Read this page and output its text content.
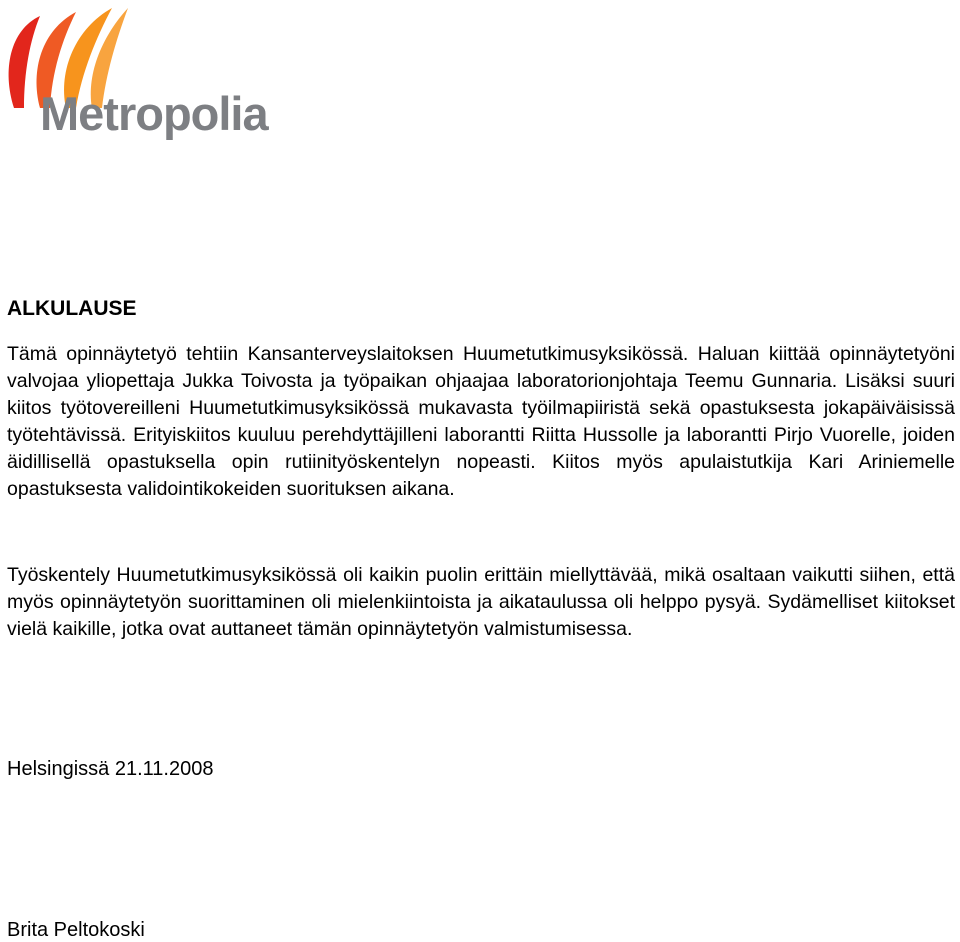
Metropolia
ALKULAUSE

Tämä opinnäytetyö tehtiin Kansanterveyslaitoksen Huumetutkimusyksikössä. Haluan kiittää opinnäytetyöni valvojaa yliopettaja Jukka Toivosta ja työpaikan ohjaajaa laboratorionjohtaja Teemu Gunnaria. Lisäksi suuri kiitos työtovereilleni Huumetutkimusyksikössä mukavasta työilmapiiristä sekä opastuksesta jokapäiväisissä työtehtävissä. Erityiskiitos kuuluu perehdyttäjilleni laborantti Riitta Hussolle ja laborantti Pirjo Vuorelle, joiden äidillisellä opastuksella opin rutiinityöskentelyn nopeasti. Kiitos myös apulaistutkija Kari Ariniemelle opastuksesta validointikokeiden suorituksen aikana.

Työskentely Huumetutkimusyksikössä oli kaikin puolin erittäin miellyttävää, mikä osaltaan vaikutti siihen, että myös opinnäytetyön suorittaminen oli mielenkiintoista ja aikataulussa oli helppo pysyä. Sydämelliset kiitokset vielä kaikille, jotka ovat auttaneet tämän opinnäytetyön valmistumisessa.

Helsingissä 21.11.2008

Brita Peltokoski
